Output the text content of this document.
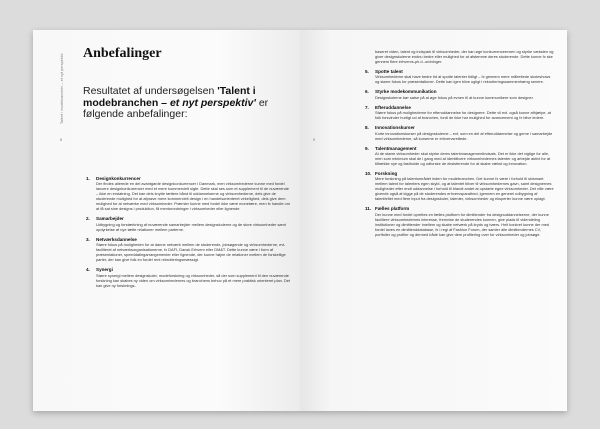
Talent i modebranchen – et nyt perspektiv
8
Anbefalinger
Resultatet af undersøgelsen 'Talent i modebranchen – et nyt perspektiv' er følgende anbefalinger:
1. Designkonkurrencer
Der findes allerede en del avantgarde designkonkurrencer i Danmark, men virksomhederne kunne med fordel lancere designkonkurrencer med et mere kommercielt sigte. Dette skal ses som et supplement til de nuværende – ikke en erstatning. Det kan dels knytte tættere bånd til uddannelserne og virksomhederne, dels give de studerende mulighed for at afprøve mere kommercielt design i en handelsorienteret virkelighed, dels give dem mulighed for at netværke med virksomheder. Præmier kunne med fordel ikke være monetære, men fx handle om at få sat sine designs i produktion, få mentorordninger i virksomheder eller lignende.
2. Samarbejder
Udbygning og forstærkning af nuværende samarbejder mellem designskolerne og de store virksomheder samt opdyrkelse af nye tætte relationer mellem parterne.
3. Netværksdannelse
Større fokus på muligheden for at danne netværk mellem de studerende, jobsøgende og virksomhederne, evt. faciliteret af netværksorganisationerne, fx DAFI, Dansk Erhverv eller DM&T. Dette kunne være i form af præsentationer, speeddatingarrangementer eller lignende, der kunne højne de relationer mellem de forskellige parter, der kan give folk en fordel rent rekrutteringsmæssigt.
4. Synergi
Større synergi mellem designskoler, modeforskning og virksomheder, så der som supplement til den nuværende forskning kan skabes ny viden om virksomhedernes og branchens behov på et mere praktisk orienteret plan. Det kan give ny forsknings-
9
baseret viden, talent og indspark til virksomheder, der kan øge konkurrenceevnen og styrke væksten og giver designskolerne endnu bedre eller mulighed for at afstemme deres studerende. Dette kunne fx ske gennem flere erhvervs-ph.d.-ordninger.
5. Spotte talent
Virksomhederne skal have bedre tid at spotte talenter tidligt – fx gennem mere målrettede skoleshows og større fokus for præsentationer. Dette kan igen blive ugligt i rekrutteringssammenhæng senere.
6. Styrke modekommunikation
Designskolerne bør satse på at øge fokus på evnen til at kunne kommunikere som designer.
7. Efteruddannelse
Større fokus på mulighederne for efteruddannelse for designere. Dette vil evt. også kunne afhjælpe, at folk forsvinder hurtigt ud af branchen, fordi de ikke har mulighed for avancement og fx blive ledere.
8. Innovationskurser
Korte innovationskurser på designskolerne – evt. som en del af efteruddannelse og gerne i samarbejde med virksomhederne, så kurserne er erhvervsrettede.
9. Talentmanagement
At de større virksomheder skal styrke deres talentmanagementindsats. Det er ikke det vigtige for alle, men som minimum skal de i gang med at identificere virksomhedernes talenter og arbejde aktivt for at tiltrække nye og fastholde og udforske de eksisterende for at skabe vækst og innovation.
10. Forskning
Mere forskning på talentområdet inden for modebranchen. Det kunne fx være i forhold til skismaet mellem talent for talenters egen skyld, og at talentet bliver til virksomhedernes gavn, samt designernes muligheder efter endt uddannelse i forhold til blandt andet at opstarte egne virksomheder. Det ville være givende også at kigge på de studerendes erhvervsparathed, igennem en generel udbygning af talentfeltet med flere input fra designskoler, talenter, virksomheder og eksperter kunne være oplagt.
11. Fælles platform
Der kunne med fordel oprettes en fælles platform for dimittender fra designuddannelserne, der kunne facilitere virksomhedernes interesse, fremvise de studerendes kunnen, give plads til videndeling institutioner og dimittender imellem og skabe netværk på kryds og tværs. Helt konkret kunne der med fordel laves en dimittenddatabase, fx i regi af Fashion Forum, der samler alle dimittendernes CV, portfolier og profiler og dermed både kan give dem profilering over for virksomheder og jobsøge.
